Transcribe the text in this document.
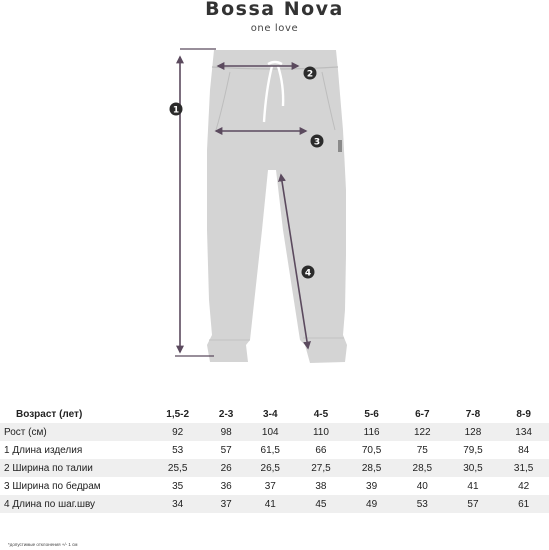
Bossa Nova
one love
1
2
3
4
Возраст (лет)	1,5-2	2-3	3-4	4-5	5-6	6-7	7-8	8-9
Рост (см)	92	98	104	110	116	122	128	134
1 Длина изделия	53	57	61,5	66	70,5	75	79,5	84
2 Ширина по талии	25,5	26	26,5	27,5	28,5	28,5	30,5	31,5
3 Ширина по бедрам	35	36	37	38	39	40	41	42
4 Длина по шаг.шву	34	37	41	45	49	53	57	61
*допустимые отклонения +/- 1 см
